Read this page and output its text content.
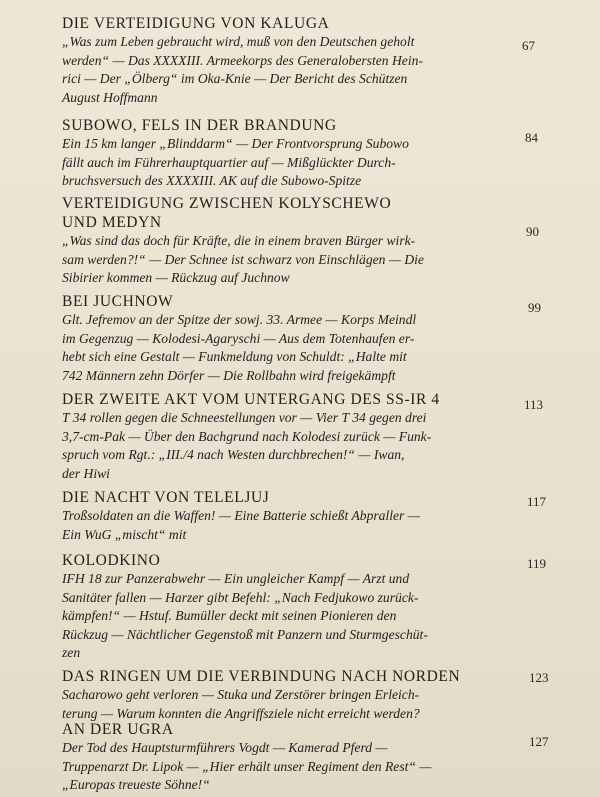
DIE VERTEIDIGUNG VON KALUGA
„Was zum Leben gebraucht wird, muß von den Deutschen geholt
werden“ — Das XXXXIII. Armeekorps des Generalobersten Hein-
rici — Der „Ölberg“ im Oka-Knie — Der Bericht des Schützen
August Hoffmann
67
SUBOWO, FELS IN DER BRANDUNG
Ein 15 km langer „Blinddarm“ — Der Frontvorsprung Subowo
fällt auch im Führerhauptquartier auf — Mißglückter Durch-
bruchsversuch des XXXXIII. AK auf die Subowo-Spitze
84
VERTEIDIGUNG ZWISCHEN KOLYSCHEWO
UND MEDYN
„Was sind das doch für Kräfte, die in einem braven Bürger wirk-
sam werden?!“ — Der Schnee ist schwarz von Einschlägen — Die
Sibirier kommen — Rückzug auf Juchnow
90
BEI JUCHNOW
Glt. Jefremov an der Spitze der sowj. 33. Armee — Korps Meindl
im Gegenzug — Kolodesi-Agaryschi — Aus dem Totenhaufen er-
hebt sich eine Gestalt — Funkmeldung von Schuldt: „Halte mit
742 Männern zehn Dörfer — Die Rollbahn wird freigekämpft
99
DER ZWEITE AKT VOM UNTERGANG DES SS-IR 4
T 34 rollen gegen die Schneestellungen vor — Vier T 34 gegen drei
3,7-cm-Pak — Über den Bachgrund nach Kolodesi zurück — Funk-
spruch vom Rgt.: „III./4 nach Westen durchbrechen!“ — Iwan,
der Hiwi
113
DIE NACHT VON TELELJUJ
Troßsoldaten an die Waffen! — Eine Batterie schießt Abpraller —
Ein WuG „mischt“ mit
117
KOLODKINO
IFH 18 zur Panzerabwehr — Ein ungleicher Kampf — Arzt und
Sanitäter fallen — Harzer gibt Befehl: „Nach Fedjukowo zurück-
kämpfen!“ — Hstuf. Bumüller deckt mit seinen Pionieren den
Rückzug — Nächtlicher Gegenstoß mit Panzern und Sturmgeschüt-
zen
119
DAS RINGEN UM DIE VERBINDUNG NACH NORDEN
Sacharowo geht verloren — Stuka und Zerstörer bringen Erleich-
terung — Warum konnten die Angriffsziele nicht erreicht werden?
123
AN DER UGRA
Der Tod des Hauptsturmführers Vogdt — Kamerad Pferd —
Truppenarzt Dr. Lipok — „Hier erhält unser Regiment den Rest“ —
„Europas treueste Söhne!“
127
